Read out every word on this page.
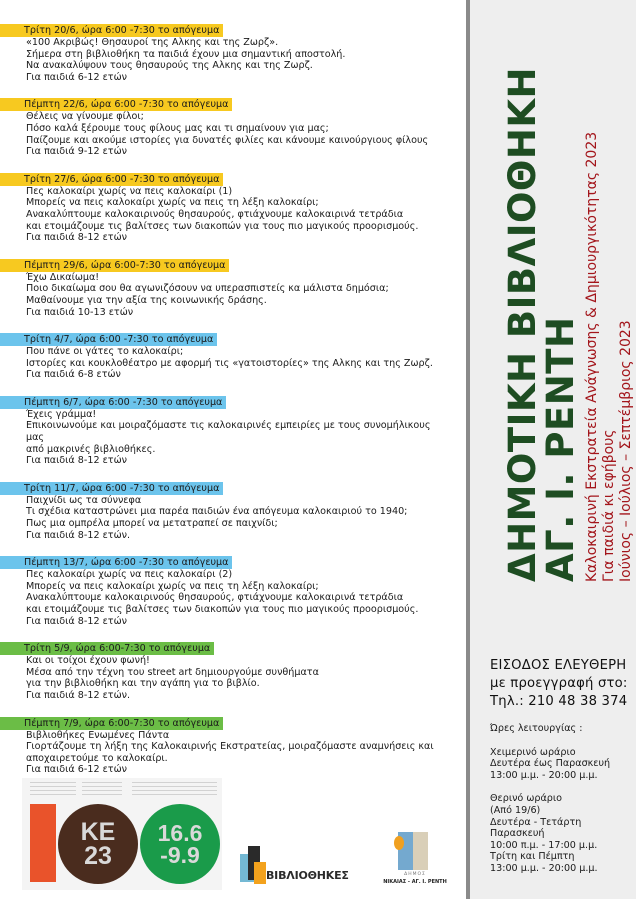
Τρίτη 20/6, ώρα 6:00 -7:30 το απόγευμα
«100 Ακριβώς! Θησαυροί της Αλκης και της Ζωρζ».
Σήμερα στη βιβλιοθήκη τα παιδιά έχουν μια σημαντική αποστολή.
Να ανακαλύψουν τους θησαυρούς της Αλκης και της Ζωρζ.
Για παιδιά 6-12 ετών
Πέμπτη 22/6, ώρα 6:00 -7:30 το απόγευμα
Θέλεις να γίνουμε φίλοι;
Πόσο καλά ξέρουμε τους φίλους μας και τι σημαίνουν για μας;
Παίζουμε και ακούμε ιστορίες για δυνατές φιλίες και κάνουμε καινούργιους φίλους
Για παιδιά 9-12 ετών
Τρίτη 27/6, ώρα 6:00 -7:30 το απόγευμα
Πες καλοκαίρι χωρίς να πεις καλοκαίρι (1)
Μπορείς να πεις καλοκαίρι χωρίς να πεις τη λέξη καλοκαίρι;
Ανακαλύπτουμε καλοκαιρινούς θησαυρούς, φτιάχνουμε καλοκαιρινά τετράδια
και ετοιμάζουμε τις βαλίτσες των διακοπών για τους πιο μαγικούς προορισμούς.
Για παιδιά 8-12 ετών
Πέμπτη 29/6, ώρα 6:00-7:30 το απόγευμα
Έχω Δικαίωμα!
Ποιο δικαίωμα σου θα αγωνιζόσουν να υπερασπιστείς κα μάλιστα δημόσια;
Μαθαίνουμε για την αξία της κοινωνικής δράσης.
Για παιδιά 10-13 ετών
Τρίτη 4/7, ώρα 6:00 -7:30 το απόγευμα
Που πάνε οι γάτες το καλοκαίρι;
Ιστορίες και κουκλοθέατρο με αφορμή τις «γατοιστορίες» της Αλκης και της Ζωρζ.
Για παιδιά 6-8 ετών
Πέμπτη 6/7, ώρα 6:00 -7:30 το απόγευμα
Έχεις γράμμα!
Επικοινωνούμε και μοιραζόμαστε τις καλοκαιρινές εμπειρίες με τους συνομήλικους
μας
από μακρινές βιβλιοθήκες.
Για παιδιά 8-12 ετών
Τρίτη 11/7, ώρα 6:00 -7:30 το απόγευμα
Παιχνίδι ως τα σύννεφα
Τι σχέδια καταστρώνει μια παρέα παιδιών ένα απόγευμα καλοκαιριού το 1940;
Πως μια ομπρέλα μπορεί να μετατραπεί σε παιχνίδι;
Για παιδιά 8-12 ετών.
Πέμπτη 13/7, ώρα 6:00 -7:30 το απόγευμα
Πες καλοκαίρι χωρίς να πεις καλοκαίρι (2)
Μπορείς να πεις καλοκαίρι χωρίς να πεις τη λέξη καλοκαίρι;
Ανακαλύπτουμε καλοκαιρινούς θησαυρούς, φτιάχνουμε καλοκαιρινά τετράδια
και ετοιμάζουμε τις βαλίτσες των διακοπών για τους πιο μαγικούς προορισμούς.
Για παιδιά 8-12 ετών
Τρίτη 5/9, ώρα 6:00-7:30 το απόγευμα
Και οι τοίχοι έχουν φωνή!
Μέσα από την τέχνη του street art δημιουργούμε συνθήματα
για την βιβλιοθήκη και την αγάπη για το βιβλίο.
Για παιδιά 8-12 ετών.
Πέμπτη 7/9, ώρα 6:00-7:30 το απόγευμα
Βιβλιοθήκες Ενωμένες Πάντα
Γιορτάζουμε τη λήξη της Καλοκαιρινής Εκστρατείας, μοιραζόμαστε αναμνήσεις και
αποχαιρετούμε το καλοκαίρι.
Για παιδιά 6-12 ετών
ΔΗΜΟΤΙΚΗ ΒΙΒΛΙΟΘΗΚΗ
ΑΓ. Ι. ΡΕΝΤΗ Καλοκαιρινή Εκστρατεία Ανάγνωσης & Δημιουργικότητας 2023 Για παιδιά κι εφήβους Ιούνιος – Ιούλιος – Σεπτέμβριος 2023
ΕΙΣΟΔΟΣ ΕΛΕΥΘΕΡΗ
με προεγγραφή στο:
Τηλ.: 210 48 38 374
Ώρες λειτουργίας :
Χειμερινό ωράριο
Δευτέρα έως Παρασκευή
13:00 μ.μ. - 20:00 μ.μ.
Θερινό ωράριο
(Από 19/6)
Δευτέρα - Τετάρτη
Παρασκευή
10:00 π.μ. - 17:00 μ.μ.
Τρίτη και Πέμπτη
13:00 μ.μ. - 20:00 μ.μ.
ΚΕ
23
16.6
-9.9
ΒΙΒΛΙΟΘΗΚΕΣ	ΔΗΜΟΣ
ΝΙΚΑΙΑΣ - ΑΓ. Ι. ΡΕΝΤΗ
